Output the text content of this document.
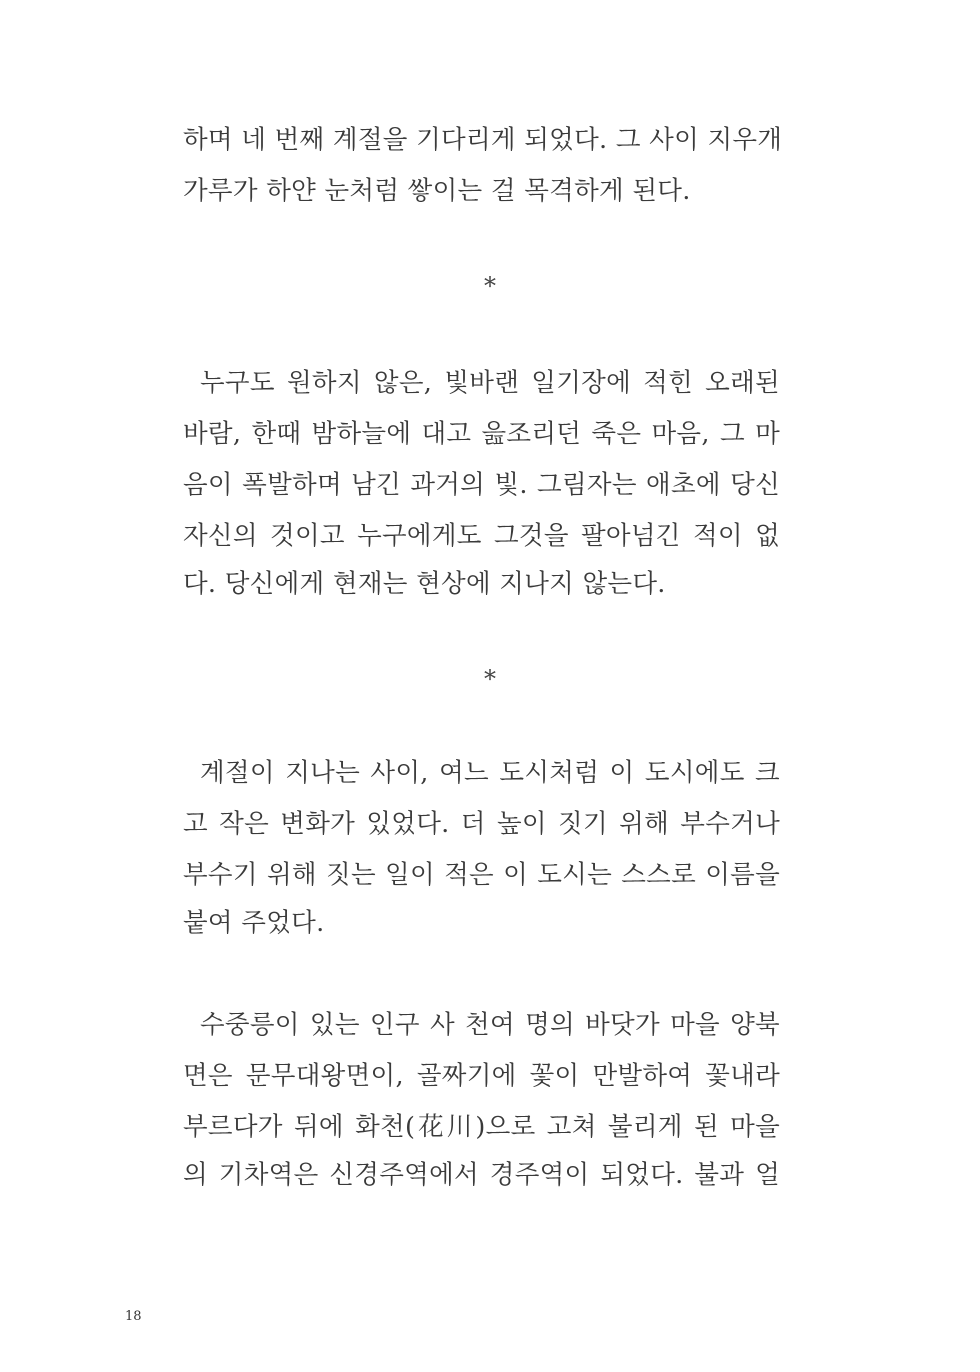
하며 네 번째 계절을 기다리게 되었다. 그 사이 지우개
가루가 하얀 눈처럼 쌓이는 걸 목격하게 된다.
*
누구도 원하지 않은, 빛바랜 일기장에 적힌 오래된
바람, 한때 밤하늘에 대고 읊조리던 죽은 마음, 그 마
음이 폭발하며 남긴 과거의 빛. 그림자는 애초에 당신
자신의 것이고 누구에게도 그것을 팔아넘긴 적이 없
다. 당신에게 현재는 현상에 지나지 않는다.
*
계절이 지나는 사이, 여느 도시처럼 이 도시에도 크
고 작은 변화가 있었다. 더 높이 짓기 위해 부수거나
부수기 위해 짓는 일이 적은 이 도시는 스스로 이름을
붙여 주었다.
수중릉이 있는 인구 사 천여 명의 바닷가 마을 양북
면은 문무대왕면이, 골짜기에 꽃이 만발하여 꽃내라
부르다가 뒤에 화천(花川)으로 고쳐 불리게 된 마을
의 기차역은 신경주역에서 경주역이 되었다. 불과 얼
18
